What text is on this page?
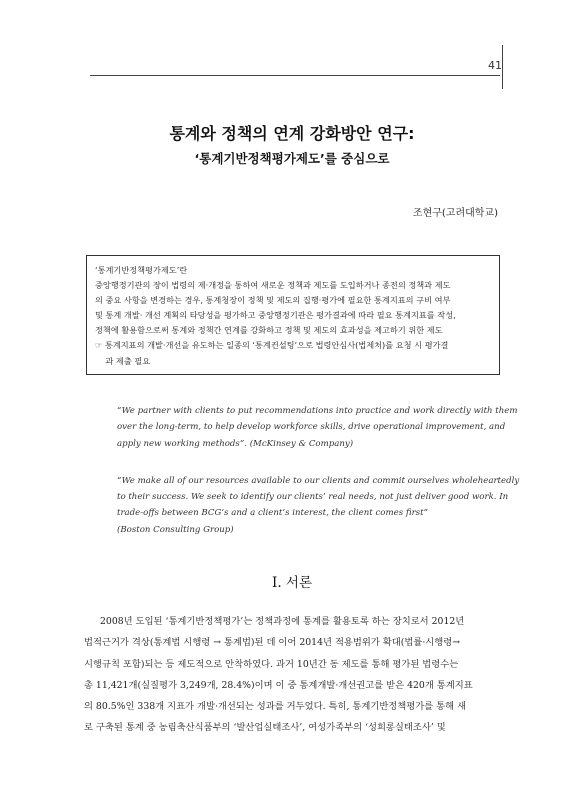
41
통계와 정책의 연계 강화방안 연구:
‘통계기반정책평가제도’를 중심으로
조현구(고려대학교)
‘통계기반정책평가제도’란
중앙행정기관의 장이 법령의 제·개정을 통하여 새로운 정책과 제도를 도입하거나 종전의 정책과 제도
의 중요 사항을 변경하는 경우, 통계청장이 정책 및 제도의 집행·평가에 필요한 통계지표의 구비 여부
및 통계 개발· 개선 계획의 타당성을 평가하고 중앙행정기관은 평가결과에 따라 필요 통계지표를 작성,
정책에 활용함으로써 통계와 정책간 연계를 강화하고 정책 및 제도의 효과성을 제고하기 위한 제도
☞ 통계지표의 개발·개선을 유도하는 일종의 ‘통계컨설팅’으로 법령안심사(법제처)를 요청 시 평가결
과 제출 필요
“We partner with clients to put recommendations into practice and work directly with them
over the long-term, to help develop workforce skills, drive operational improvement, and
apply new working methods”. (McKinsey & Company)
“We make all of our resources available to our clients and commit ourselves wholeheartedly
to their success. We seek to identify our clients’ real needs, not just deliver good work. In
trade-offs between BCG’s and a client’s interest, the client comes first”
(Boston Consulting Group)
I. 서론
2008년 도입된 ‘통계기반정책평가’는 정책과정에 통계를 활용토록 하는 장치로서 2012년
법적근거가 격상(통계법 시행령 → 통계법)된 데 이어 2014년 적용범위가 확대(법률·시행령→
시행규칙 포함)되는 등 제도적으로 안착하였다. 과거 10년간 동 제도를 통해 평가된 법령수는
총 11,421개(실질평가 3,249개, 28.4%)이며 이 중 통계개발·개선권고를 받은 420개 통계지표
의 80.5%인 338개 지표가 개발·개선되는 성과를 거두었다. 특히, 통계기반정책평가를 통해 새
로 구축된 통계 중 농림축산식품부의 ‘발산업실태조사’, 여성가족부의 ‘성희롱실태조사’ 및
